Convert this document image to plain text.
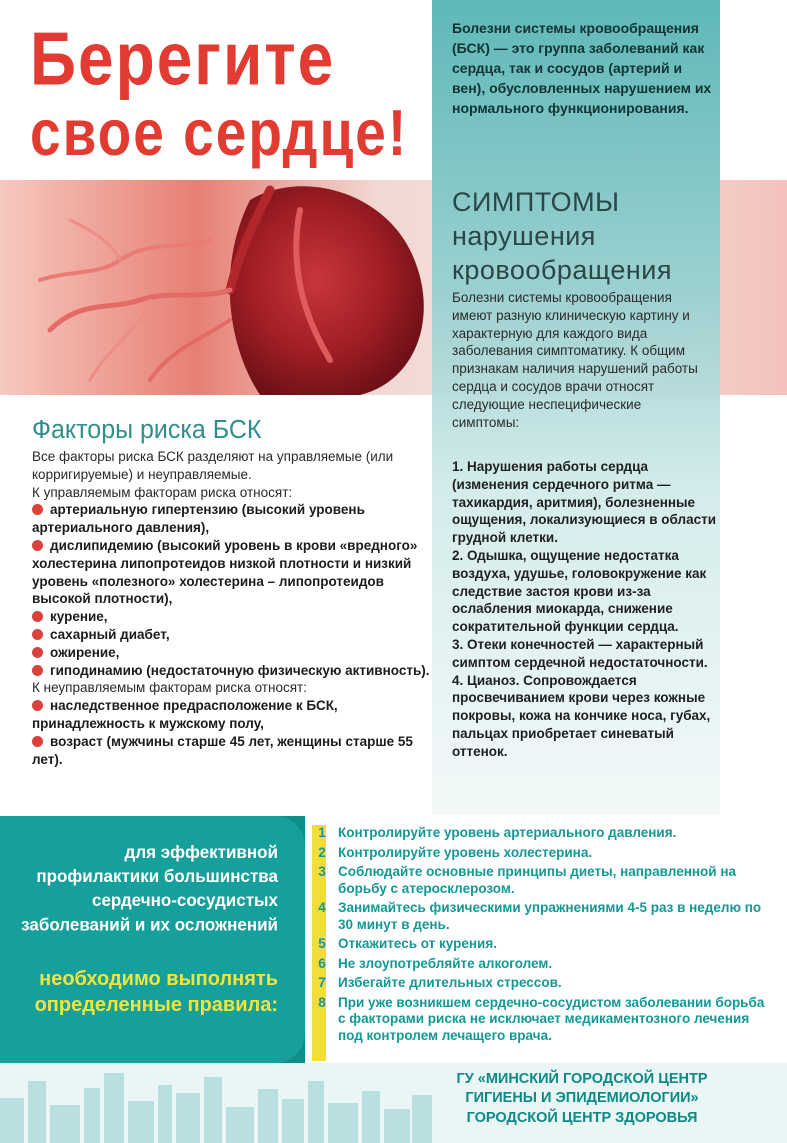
Берегите
свое сердце!
Болезни системы кровообращения (БСК) — это группа заболеваний как сердца, так и сосудов (артерий и вен), обусловленных нарушением их нормального функционирования.
СИМПТОМЫ нарушения кровообращения
Болезни системы кровообращения имеют разную клиническую картину и характерную для каждого вида заболевания симптоматику. К общим признакам наличия нарушений работы сердца и сосудов врачи относят следующие неспецифические симптомы:

1. Нарушения работы сердца (изменения сердечного ритма — тахикардия, аритмия), болезненные ощущения, локализующиеся в области грудной клетки.

2. Одышка, ощущение недостатка воздуха, удушье, головокружение как следствие застоя крови из-за ослабления миокарда, снижение сократительной функции сердца.

3. Отеки конечностей — характерный симптом сердечной недостаточности.

4. Цианоз. Сопровождается просвечиванием крови через кожные покровы, кожа на кончике носа, губах, пальцах приобретает синеватый оттенок.

Факторы риска БСК

Все факторы риска БСК разделяют на управляемые (или корригируемые) и неуправляемые.

К управляемым факторам риска относят:

артериальную гипертензию (высокий уровень артериального давления),

дислипидемию (высокий уровень в крови «вредного» холестерина липопротеидов низкой плотности и низкий уровень «полезного» холестерина – липопротеидов высокой плотности),

курение,

сахарный диабет,

ожирение,

гиподинамию (недостаточную физическую активность).

К неуправляемым факторам риска относят:

наследственное предрасположение к БСК, принадлежность к мужскому полу,

возраст (мужчины старше 45 лет, женщины старше 55 лет).

для эффективной профилактики большинства сердечно-сосудистых заболеваний и их осложнений
необходимо выполнять определенные правила:
1 Контролируйте уровень артериального давления.
2 Контролируйте уровень холестерина.
3 Соблюдайте основные принципы диеты, направленной на борьбу с атеросклерозом.
4 Занимайтесь физическими упражнениями 4-5 раз в неделю по 30 минут в день.
5 Откажитесь от курения.
6 Не злоупотребляйте алкоголем.
7 Избегайте длительных стрессов.
8 При уже возникшем сердечно-сосудистом заболевании борьба с факторами риска не исключает медикаментозного лечения под контролем лечащего врача.
ГУ «МИНСКИЙ ГОРОДСКОЙ ЦЕНТР ГИГИЕНЫ И ЭПИДЕМИОЛОГИИ»
ГОРОДСКОЙ ЦЕНТР ЗДОРОВЬЯ
